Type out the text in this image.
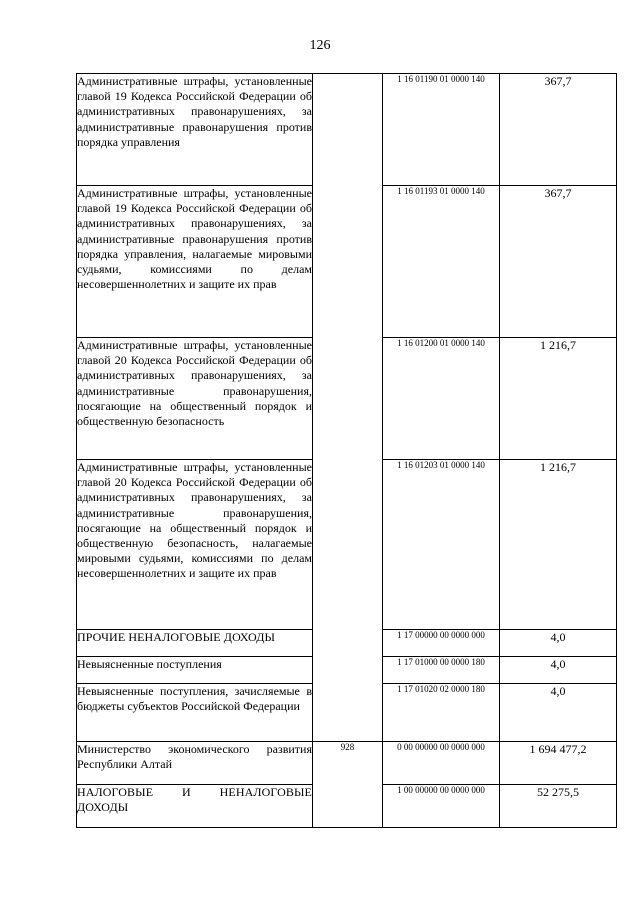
126
Административные штрафы, установленные главой 19 Кодекса Российской Федерации об административных правонарушениях, за административные правонарушения против порядка управления		1 16 01190 01 0000 140	367,7
Административные штрафы, установленные главой 19 Кодекса Российской Федерации об административных правонарушениях, за административные правонарушения против порядка управления, налагаемые мировыми судьями, комиссиями по делам несовершеннолетних и защите их прав		1 16 01193 01 0000 140	367,7
Административные штрафы, установленные главой 20 Кодекса Российской Федерации об административных правонарушениях, за административные правонарушения, посягающие на общественный порядок и общественную безопасность		1 16 01200 01 0000 140	1 216,7
Административные штрафы, установленные главой 20 Кодекса Российской Федерации об административных правонарушениях, за административные правонарушения, посягающие на общественный порядок и общественную безопасность, налагаемые мировыми судьями, комиссиями по делам несовершеннолетних и защите их прав		1 16 01203 01 0000 140	1 216,7
ПРОЧИЕ НЕНАЛОГОВЫЕ ДОХОДЫ		1 17 00000 00 0000 000	4,0
Невыясненные поступления		1 17 01000 00 0000 180	4,0
Невыясненные поступления, зачисляемые в бюджеты субъектов Российской Федерации		1 17 01020 02 0000 180	4,0
Министерство экономического развития Республики Алтай	928	0 00 00000 00 0000 000	1 694 477,2
НАЛОГОВЫЕ И НЕНАЛОГОВЫЕ ДОХОДЫ		1 00 00000 00 0000 000	52 275,5
